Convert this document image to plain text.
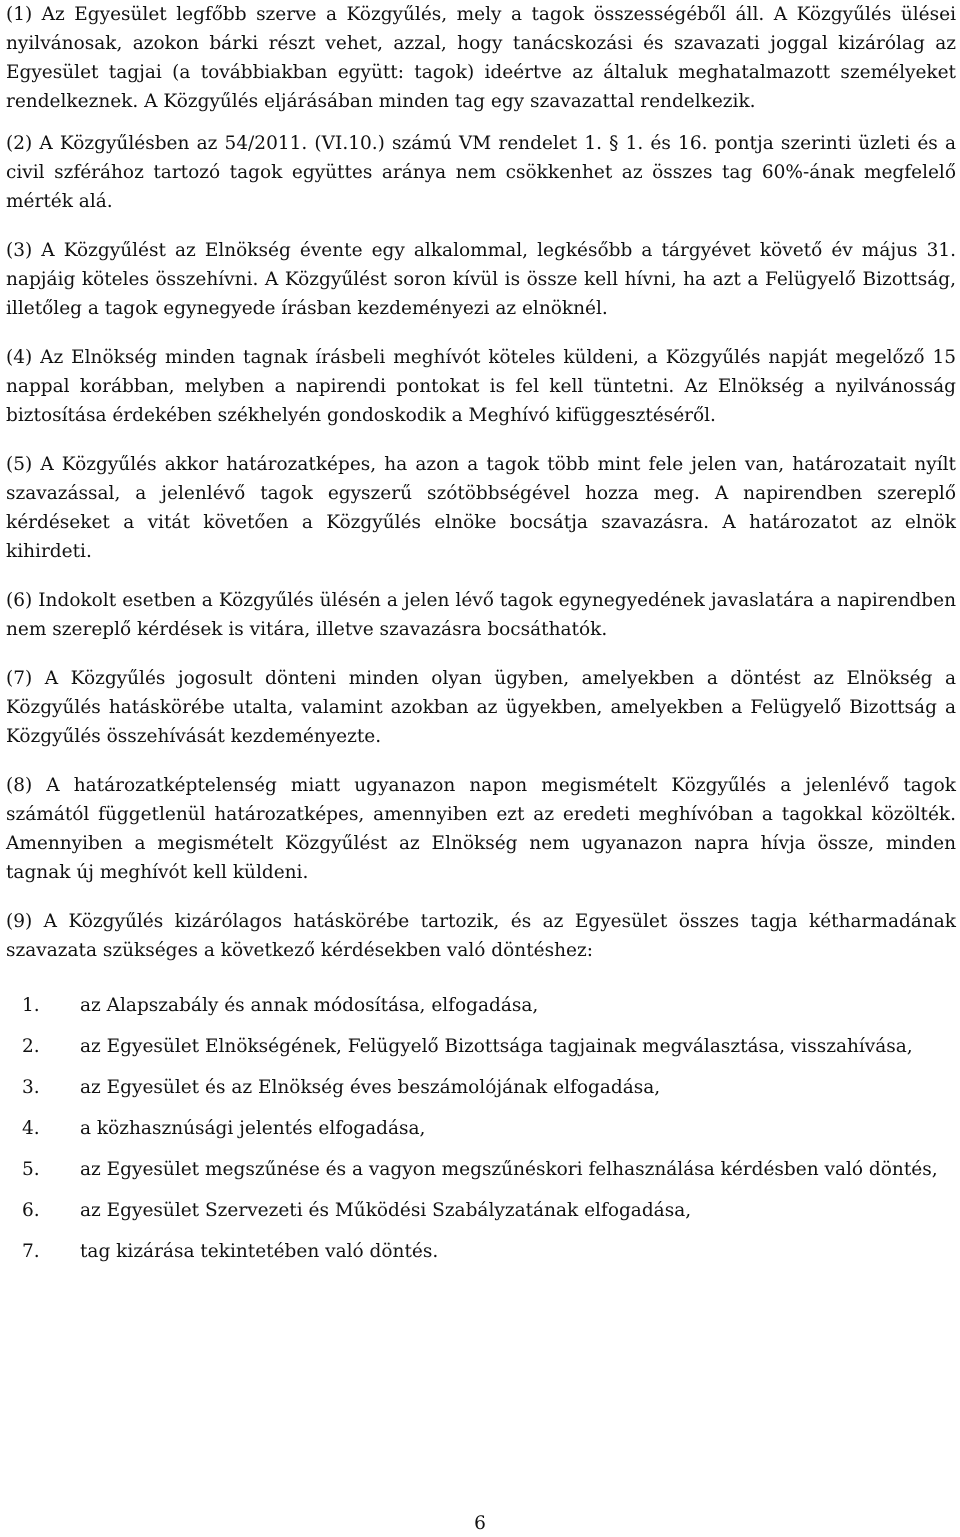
(1) Az Egyesület legfőbb szerve a Közgyűlés, mely a tagok összességéből áll. A Közgyűlés ülései nyilvánosak, azokon bárki részt vehet, azzal, hogy tanácskozási és szavazati joggal kizárólag az Egyesület tagjai (a továbbiakban együtt: tagok) ideértve az általuk meghatalmazott személyeket rendelkeznek. A Közgyűlés eljárásában minden tag egy szavazattal rendelkezik.

(2) A Közgyűlésben az 54/2011. (VI.10.) számú VM rendelet 1. § 1. és 16. pontja szerinti üzleti és a civil szférához tartozó tagok együttes aránya nem csökkenhet az összes tag 60%-ának megfelelő mérték alá.

(3) A Közgyűlést az Elnökség évente egy alkalommal, legkésőbb a tárgyévet követő év május 31. napjáig köteles összehívni. A Közgyűlést soron kívül is össze kell hívni, ha azt a Felügyelő Bizottság, illetőleg a tagok egynegyede írásban kezdeményezi az elnöknél.

(4) Az Elnökség minden tagnak írásbeli meghívót köteles küldeni, a Közgyűlés napját megelőző 15 nappal korábban, melyben a napirendi pontokat is fel kell tüntetni. Az Elnökség a nyilvánosság biztosítása érdekében székhelyén gondoskodik a Meghívó kifüggesztéséről.

(5) A Közgyűlés akkor határozatképes, ha azon a tagok több mint fele jelen van, határozatait nyílt szavazással, a jelenlévő tagok egyszerű szótöbbségével hozza meg. A napirendben szereplő kérdéseket a vitát követően a Közgyűlés elnöke bocsátja szavazásra. A határozatot az elnök kihirdeti.

(6) Indokolt esetben a Közgyűlés ülésén a jelen lévő tagok egynegyedének javaslatára a napirendben nem szereplő kérdések is vitára, illetve szavazásra bocsáthatók.

(7) A Közgyűlés jogosult dönteni minden olyan ügyben, amelyekben a döntést az Elnökség a Közgyűlés hatáskörébe utalta, valamint azokban az ügyekben, amelyekben a Felügyelő Bizottság a Közgyűlés összehívását kezdeményezte.

(8) A határozatképtelenség miatt ugyanazon napon megismételt Közgyűlés a jelenlévő tagok számától függetlenül határozatképes, amennyiben ezt az eredeti meghívóban a tagokkal közölték. Amennyiben a megismételt Közgyűlést az Elnökség nem ugyanazon napra hívja össze, minden tagnak új meghívót kell küldeni.

(9) A Közgyűlés kizárólagos hatáskörébe tartozik, és az Egyesület összes tagja kétharmadának szavazata szükséges a következő kérdésekben való döntéshez:

1.	az Alapszabály és annak módosítása, elfogadása,
2.	az Egyesület Elnökségének, Felügyelő Bizottsága tagjainak megválasztása, visszahívása,
3.	az Egyesület és az Elnökség éves beszámolójának elfogadása,
4.	a közhasznúsági jelentés elfogadása,
5.	az Egyesület megszűnése és a vagyon megszűnéskori felhasználása kérdésben való döntés,
6.	az Egyesület Szervezeti és Működési Szabályzatának elfogadása,
7.	tag kizárása tekintetében való döntés.
6
